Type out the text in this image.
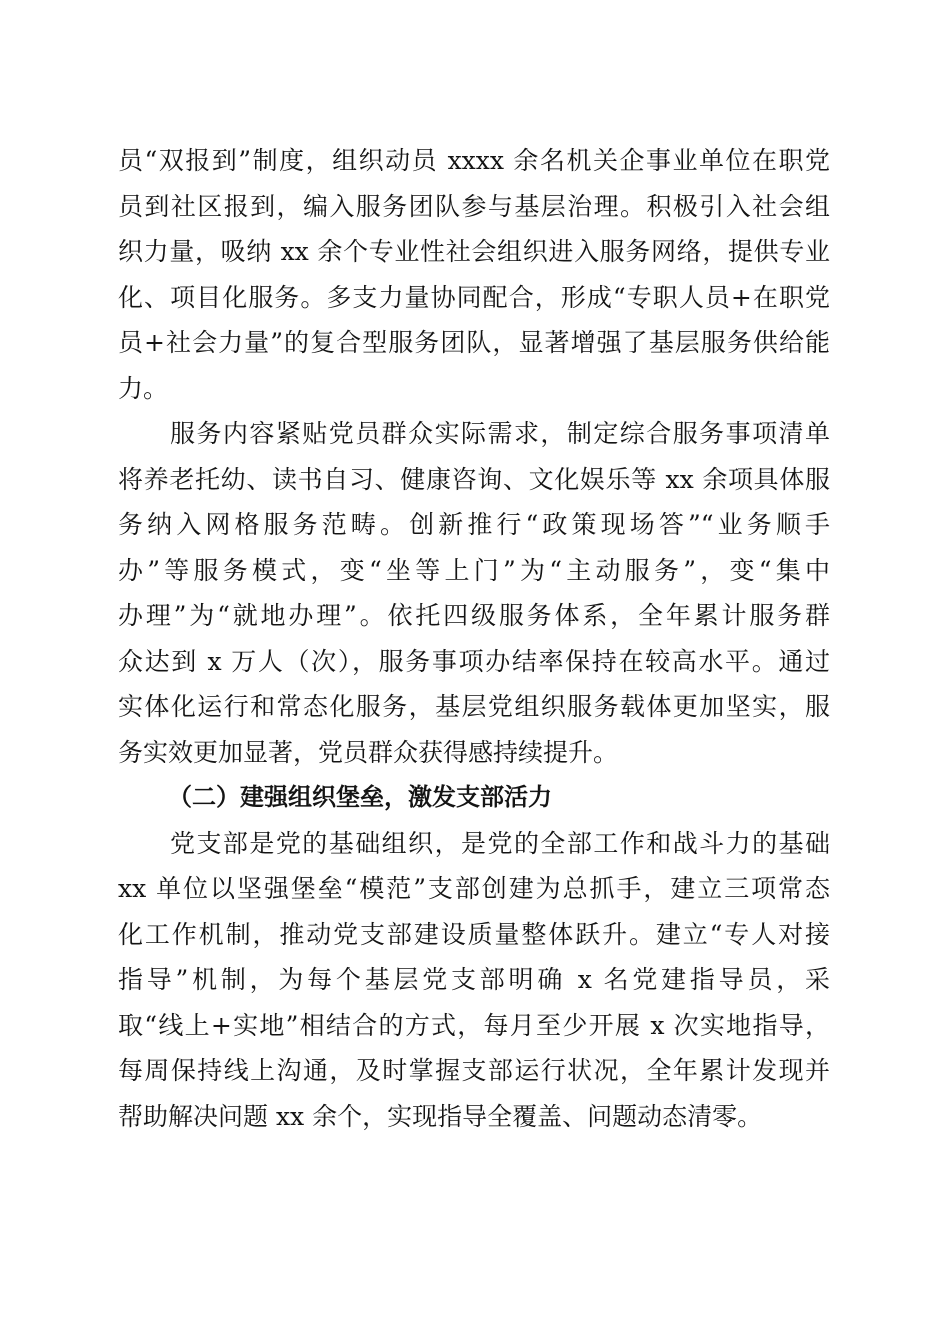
员“双报到”制度，组织动员 xxxx 余名机关企事业单位在职党
员到社区报到，编入服务团队参与基层治理。积极引入社会组
织力量，吸纳 xx 余个专业性社会组织进入服务网络，提供专业
化、项目化服务。多支力量协同配合，形成“专职人员+在职党
员+社会力量”的复合型服务团队，显著增强了基层服务供给能
力。
服务内容紧贴党员群众实际需求，制定综合服务事项清单
将养老托幼、读书自习、健康咨询、文化娱乐等 xx 余项具体服
务纳入网格服务范畴。创新推行“政策现场答”“业务顺手
办”等服务模式，变“坐等上门”为“主动服务”，变“集中
办理”为“就地办理”。依托四级服务体系，全年累计服务群
众达到 x 万人（次），服务事项办结率保持在较高水平。通过
实体化运行和常态化服务，基层党组织服务载体更加坚实，服
务实效更加显著，党员群众获得感持续提升。
（二）建强组织堡垒，激发支部活力
党支部是党的基础组织，是党的全部工作和战斗力的基础
xx 单位以坚强堡垒“模范”支部创建为总抓手，建立三项常态
化工作机制，推动党支部建设质量整体跃升。建立“专人对接
指导”机制，为每个基层党支部明确 x 名党建指导员，采
取“线上+实地”相结合的方式，每月至少开展 x 次实地指导，
每周保持线上沟通，及时掌握支部运行状况，全年累计发现并
帮助解决问题 xx 余个，实现指导全覆盖、问题动态清零。
